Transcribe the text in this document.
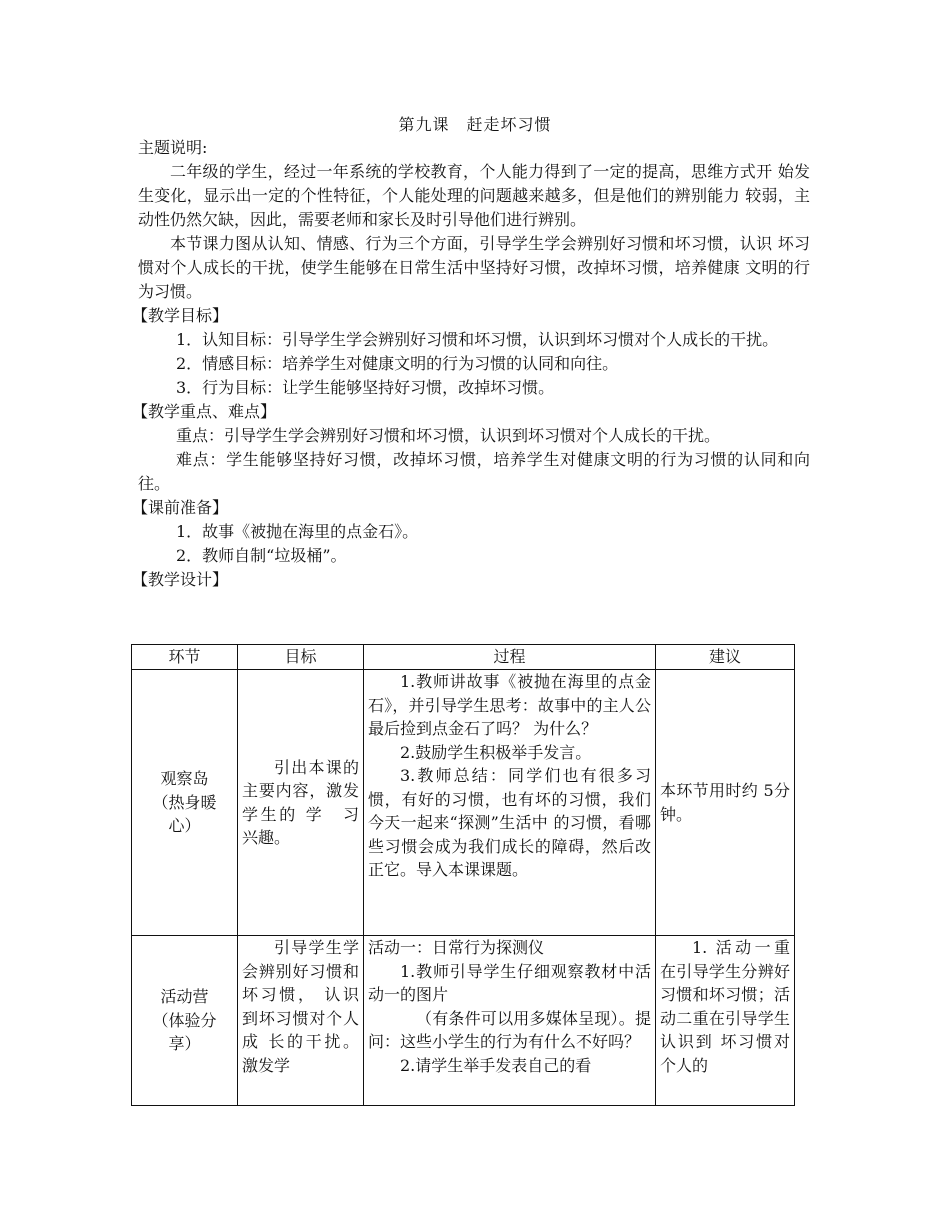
第九课　赶走坏习惯

主题说明:

二年级的学生，经过一年系统的学校教育，个人能力得到了一定的提高，思维方式开 始发生变化，显示出一定的个性特征，个人能处理的问题越来越多，但是他们的辨别能力 较弱，主动性仍然欠缺，因此，需要老师和家长及时引导他们进行辨别。

本节课力图从认知、情感、行为三个方面，引导学生学会辨别好习惯和坏习惯，认识 坏习惯对个人成长的干扰，使学生能够在日常生活中坚持好习惯，改掉坏习惯，培养健康 文明的行为习惯。

【教学目标】

1．认知目标：引导学生学会辨别好习惯和坏习惯，认识到坏习惯对个人成长的干扰。

2．情感目标：培养学生对健康文明的行为习惯的认同和向往。

3．行为目标：让学生能够坚持好习惯，改掉坏习惯。

【教学重点、难点】

重点：引导学生学会辨别好习惯和坏习惯，认识到坏习惯对个人成长的干扰。

难点：学生能够坚持好习惯，改掉坏习惯，培养学生对健康文明的行为习惯的认同和向往。

【课前准备】

1．故事《被抛在海里的点金石》。

2．教师自制“垃圾桶”。

【教学设计】

环节	目标	过程	建议

观察岛
（热身暖
心）	引出本课的 主要内容，激发学生的 学　习兴趣。	1.教师讲故事《被抛在海里的点金石》，并引导学生思考：故事中的主人公最后捡到点金石了吗？ 为什么？
2.鼓励学生积极举手发言。
3.教师总结：同学们也有很多习惯，有好的习惯，也有坏的习惯，我们今天一起来“探测”生活中 的习惯，看哪些习惯会成为我们成长的障碍，然后改正它。导入本课课题。	本环节用时约 5分 钟。

活动营
（体验分
享）	引导学生学 会辨别好习惯和坏习惯， 认识到坏习惯对个人成 长的干扰。激发学	活动一：日常行为探测仪
1.教师引导学生仔细观察教材中活动一的图片
（有条件可以用多媒体呈现）。提问：这些小学生的行为有什么不好吗？
2.请学生举手发表自己的看	1. 活动一重在引导学生分辨好习惯和坏习惯；活动二重在引导学生认识到 坏习惯对个人的
